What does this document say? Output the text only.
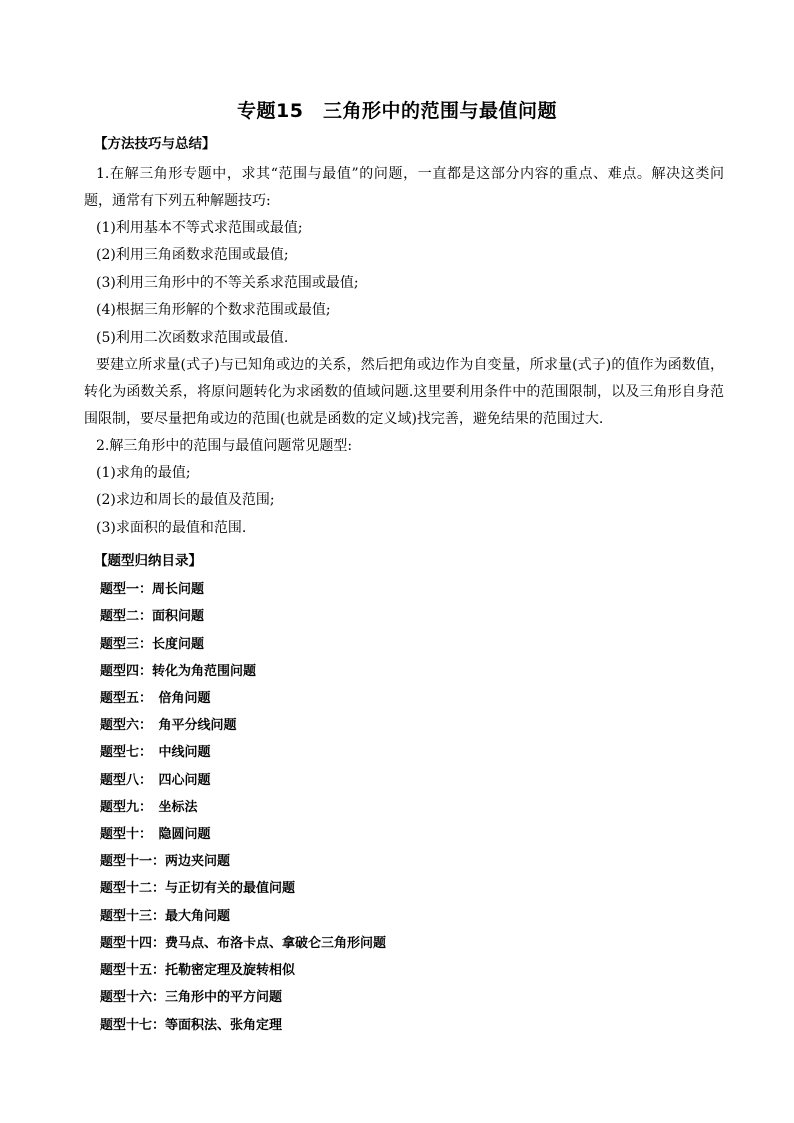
专题15　三角形中的范围与最值问题
【方法技巧与总结】

1.在解三角形专题中，求其“范围与最值”的问题，一直都是这部分内容的重点、难点。解决这类问题，通常有下列五种解题技巧:

(1)利用基本不等式求范围或最值;

(2)利用三角函数求范围或最值;

(3)利用三角形中的不等关系求范围或最值;

(4)根据三角形解的个数求范围或最值;

(5)利用二次函数求范围或最值.

要建立所求量(式子)与已知角或边的关系，然后把角或边作为自变量，所求量(式子)的值作为函数值，转化为函数关系，将原问题转化为求函数的值域问题.这里要利用条件中的范围限制，以及三角形自身范围限制，要尽量把角或边的范围(也就是函数的定义域)找完善，避免结果的范围过大.

2.解三角形中的范围与最值问题常见题型:

(1)求角的最值;

(2)求边和周长的最值及范围;

(3)求面积的最值和范围.

【题型归纳目录】
题型一：周长问题
题型二：面积问题
题型三：长度问题
题型四：转化为角范围问题
题型五：　倍角问题
题型六：　角平分线问题
题型七：　中线问题
题型八：　四心问题
题型九：　坐标法
题型十：　隐圆问题
题型十一：两边夹问题
题型十二：与正切有关的最值问题
题型十三：最大角问题
题型十四：费马点、布洛卡点、拿破仑三角形问题
题型十五：托勒密定理及旋转相似
题型十六：三角形中的平方问题
题型十七：等面积法、张角定理
